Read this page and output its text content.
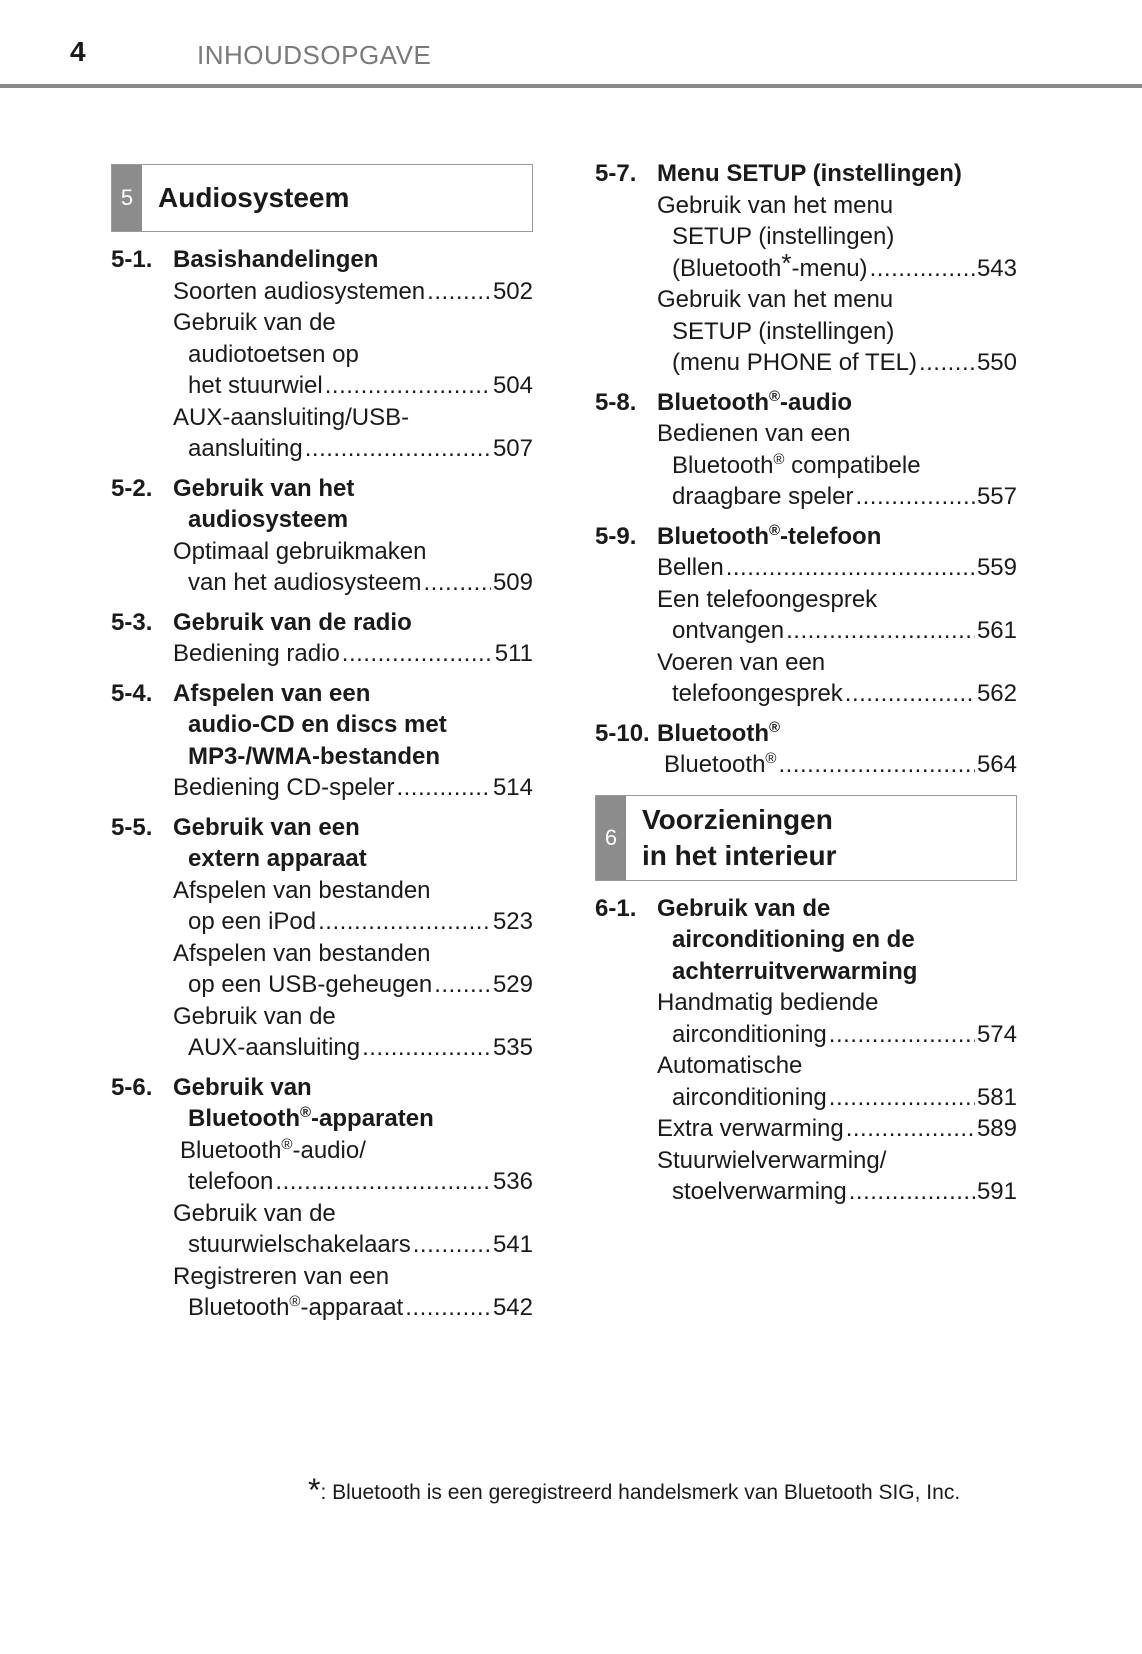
4	INHOUDSOPGAVE
5 Audiosysteem
5-1. Basishandelingen
Soorten audiosystemen .....	502
Gebruik van de
audiotoetsen op
het stuurwiel .....	504
AUX-aansluiting/USB-
aansluiting .....	507
5-2. Gebruik van het
audiosysteem
Optimaal gebruikmaken
van het audiosysteem .....	509
5-3. Gebruik van de radio
Bediening radio .....	511
5-4. Afspelen van een
audio-CD en discs met
MP3-/WMA-bestanden
Bediening CD-speler .....	514
5-5. Gebruik van een
extern apparaat
Afspelen van bestanden
op een iPod .....	523
Afspelen van bestanden
op een USB-geheugen .....	529
Gebruik van de
AUX-aansluiting .....	535
5-6. Gebruik van
Bluetooth®-apparaten
Bluetooth®-audio/
telefoon .....	536
Gebruik van de
stuurwielschakelaars .....	541
Registreren van een
Bluetooth®-apparaat .....	542
5-7. Menu SETUP (instellingen)
Gebruik van het menu
SETUP (instellingen)
(Bluetooth*-menu) .....	543
Gebruik van het menu
SETUP (instellingen)
(menu PHONE of TEL) ..... 550
5-8. Bluetooth®-audio
Bedienen van een
Bluetooth® compatibele
draagbare speler .....	557
5-9. Bluetooth®-telefoon
Bellen .....	559
Een telefoongesprek
ontvangen .....	561
Voeren van een
telefoongesprek .....	562
5-10. Bluetooth®
Bluetooth® .....	564
6
Voorzieningen
in het interieur
6-1. Gebruik van de
airconditioning en de
achterruitverwarming
Handmatig bediende
airconditioning .....	574
Automatische
airconditioning .....	581
Extra verwarming .....	589
Stuurwielverwarming/
stoelverwarming .....	591
*: Bluetooth is een geregistreerd handelsmerk van Bluetooth SIG, Inc.
